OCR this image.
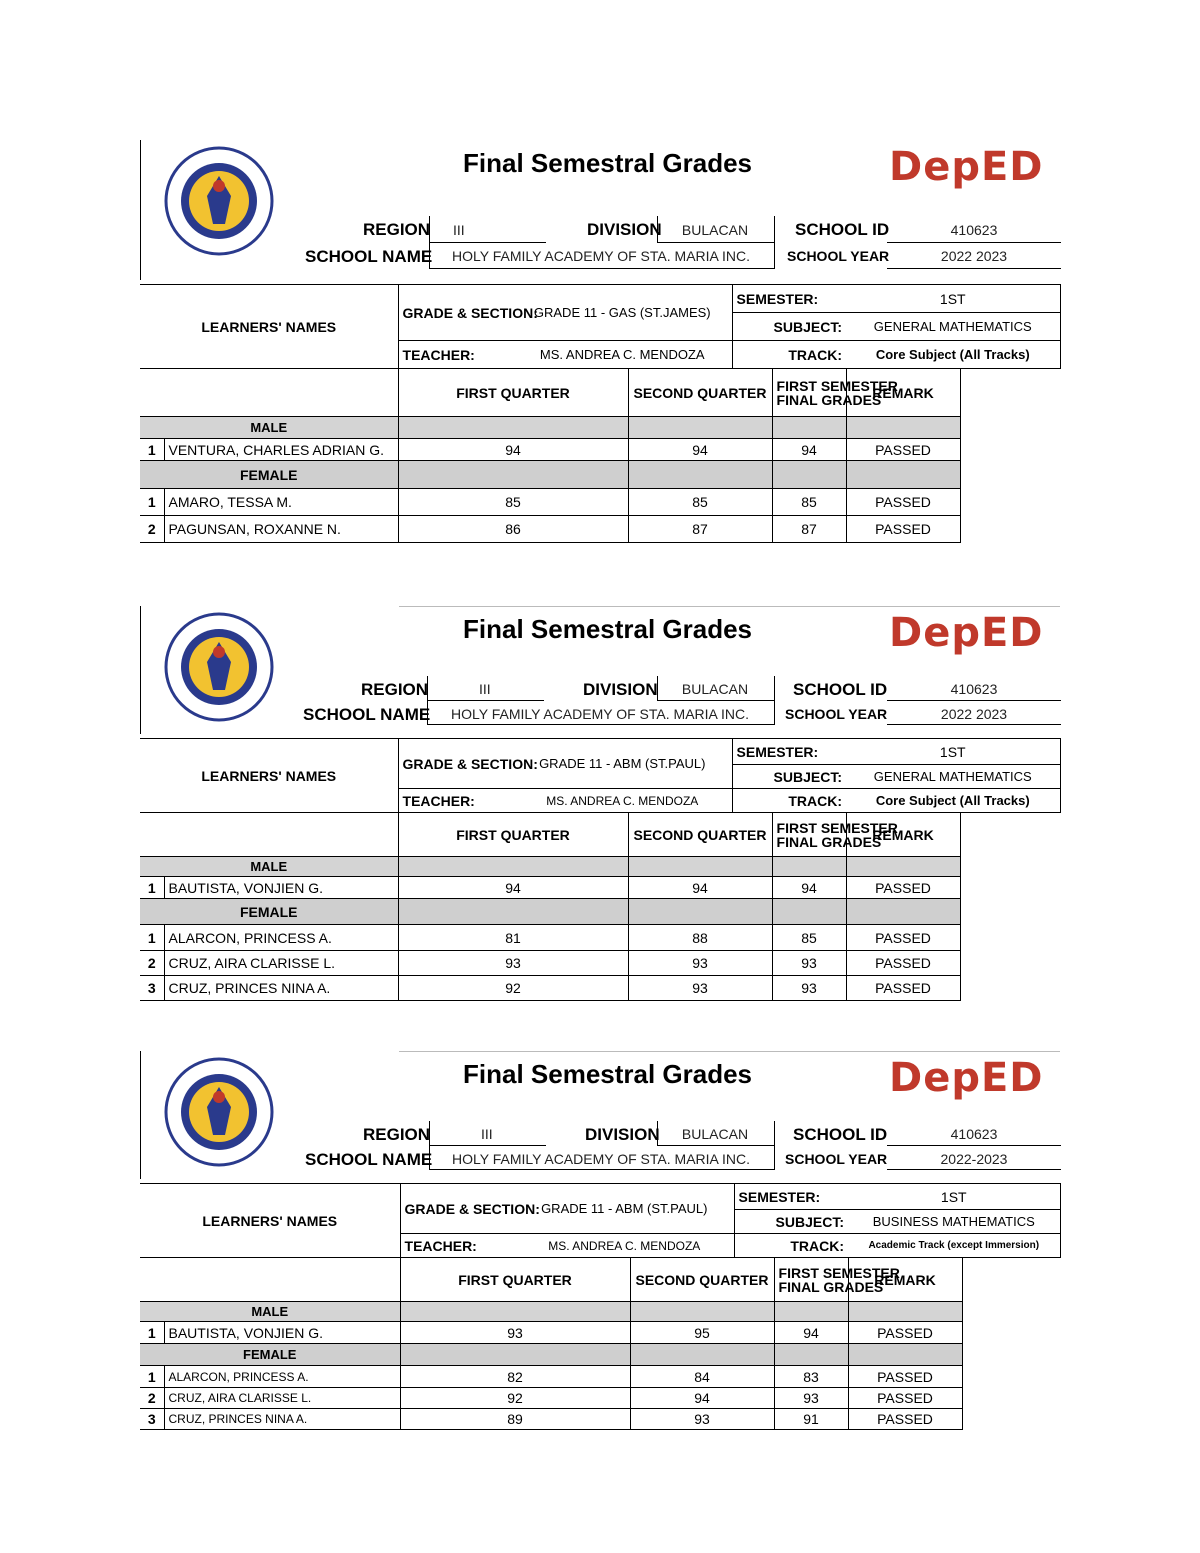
Final Semestral Grades	DepED
REGION	III	DIVISION	BULACAN	SCHOOL ID	410623
SCHOOL NAME	HOLY FAMILY ACADEMY OF STA. MARIA INC.	SCHOOL YEAR	2022 2023
LEARNERS' NAMES		GRADE & SECTION:	GRADE 11 - GAS (ST.JAMES)		SEMESTER:		1ST
					SUBJECT:		GENERAL MATHEMATICS
		TEACHER:	MS. ANDREA C. MENDOZA		TRACK:		Core Subject (All Tracks)
		FIRST QUARTER		SECOND QUARTER		FIRST SEMESTER
FINAL GRADES	REMARK
MALE							
1	VENTURA, CHARLES ADRIAN G.	94		94		94	PASSED
FEMALE							
1	AMARO, TESSA M.	85		85		85	PASSED
2	PAGUNSAN, ROXANNE N.	86		87		87	PASSED
Final Semestral Grades	DepED
REGION	III	DIVISION	BULACAN	SCHOOL ID	410623
SCHOOL NAME	HOLY FAMILY ACADEMY OF STA. MARIA INC.	SCHOOL YEAR	2022 2023
LEARNERS' NAMES		GRADE & SECTION:	GRADE 11 - ABM (ST.PAUL)		SEMESTER:		1ST
					SUBJECT:		GENERAL MATHEMATICS
		TEACHER:	MS. ANDREA C. MENDOZA		TRACK:		Core Subject (All Tracks)
		FIRST QUARTER		SECOND QUARTER		FIRST SEMESTER
FINAL GRADES	REMARK
MALE							
1	BAUTISTA, VONJIEN G.	94		94		94	PASSED
FEMALE							
1	ALARCON, PRINCESS A.	81		88		85	PASSED
2	CRUZ, AIRA CLARISSE L.	93		93		93	PASSED
3	CRUZ, PRINCES NINA A.	92		93		93	PASSED
Final Semestral Grades	DepED
REGION	III	DIVISION	BULACAN	SCHOOL ID	410623
SCHOOL NAME	HOLY FAMILY ACADEMY OF STA. MARIA INC.	SCHOOL YEAR	2022-2023
LEARNERS' NAMES		GRADE & SECTION:	GRADE 11 - ABM (ST.PAUL)		SEMESTER:		1ST
					SUBJECT:		BUSINESS MATHEMATICS
		TEACHER:	MS. ANDREA C. MENDOZA		TRACK:		Academic Track (except Immersion)
		FIRST QUARTER		SECOND QUARTER		FIRST SEMESTER
FINAL GRADES	REMARK
MALE							
1	BAUTISTA, VONJIEN G.	93		95		94	PASSED
FEMALE							
1	ALARCON, PRINCESS A.	82		84		83	PASSED
2	CRUZ, AIRA CLARISSE L.	92		94		93	PASSED
3	CRUZ, PRINCES NINA A.	89		93		91	PASSED
